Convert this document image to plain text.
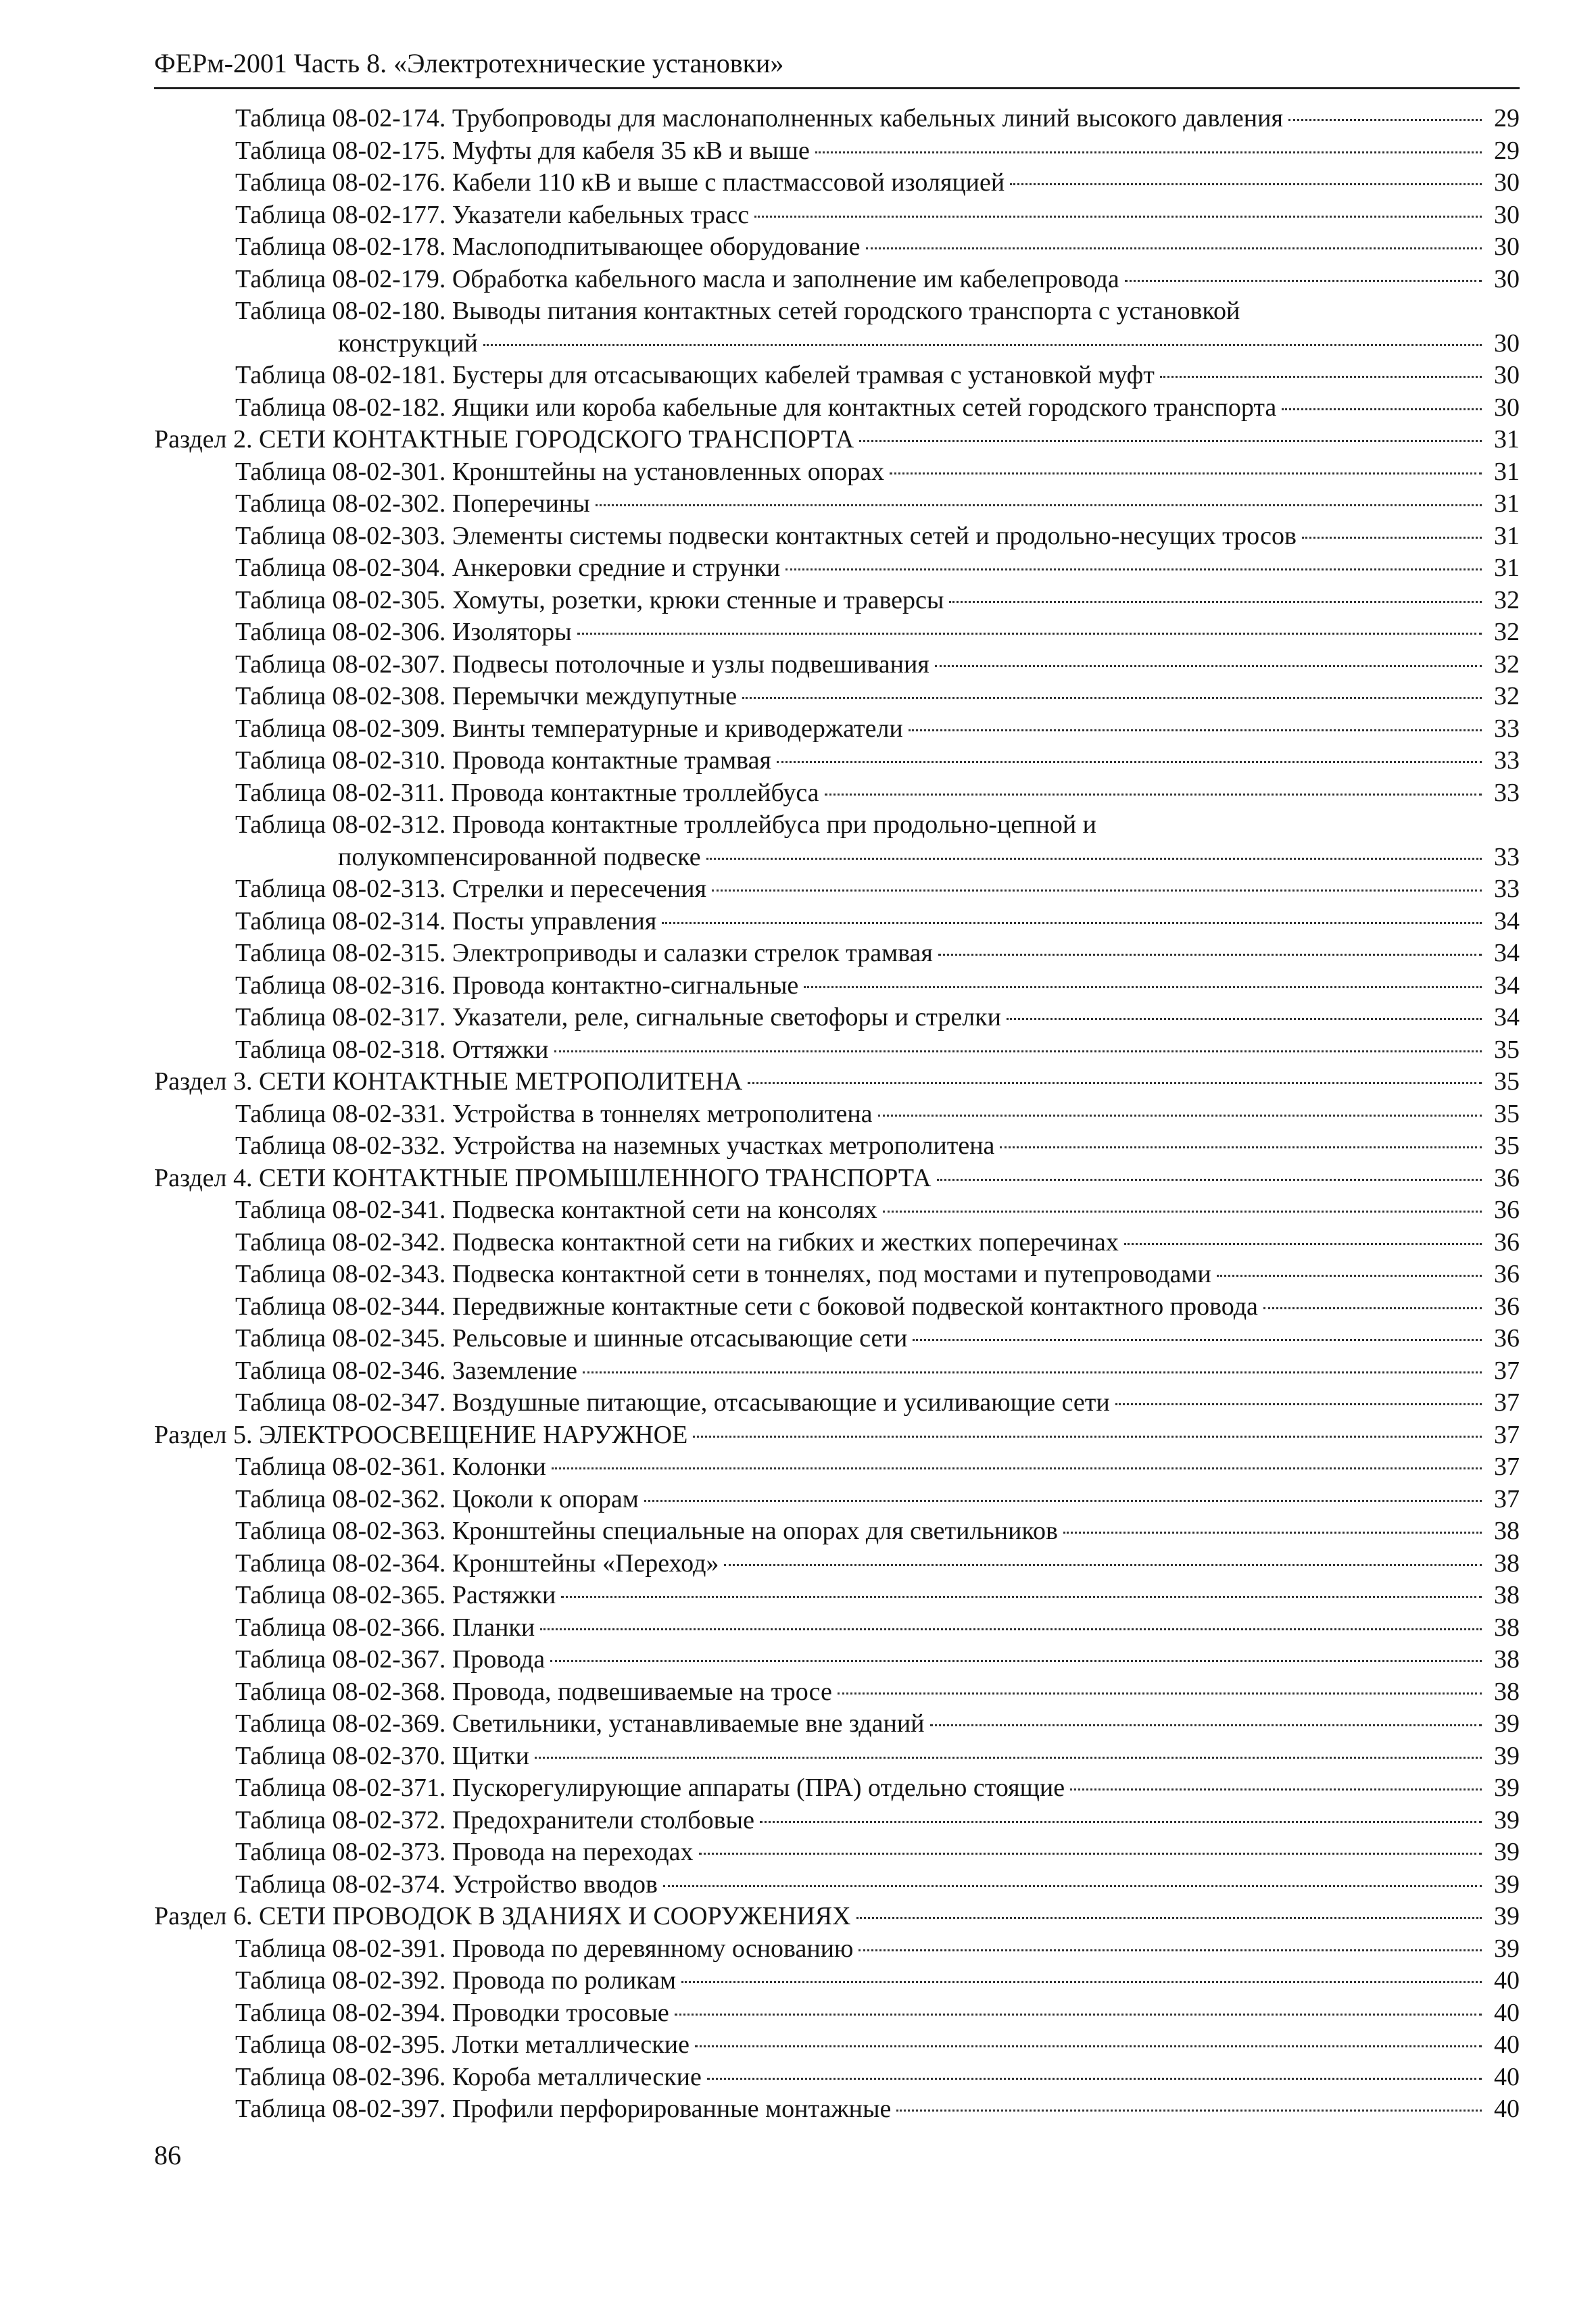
ФЕРм-2001 Часть 8. «Электротехнические установки»
Таблица 08-02-174. Трубопроводы для маслонаполненных кабельных линий высокого давления	29
Таблица 08-02-175. Муфты для кабеля 35 кВ и выше	29
Таблица 08-02-176. Кабели 110 кВ и выше с пластмассовой изоляцией	30
Таблица 08-02-177. Указатели кабельных трасс	30
Таблица 08-02-178. Маслоподпитывающее оборудование	30
Таблица 08-02-179. Обработка кабельного масла и заполнение им кабелепровода	30
Таблица 08-02-180. Выводы питания контактных сетей городского транспорта с установкой
конструкций	30
Таблица 08-02-181. Бустеры для отсасывающих кабелей трамвая с установкой муфт	30
Таблица 08-02-182. Ящики или короба кабельные для контактных сетей городского транспорта	30
Раздел 2. СЕТИ КОНТАКТНЫЕ ГОРОДСКОГО ТРАНСПОРТА	31
Таблица 08-02-301. Кронштейны на установленных опорах	31
Таблица 08-02-302. Поперечины	31
Таблица 08-02-303. Элементы системы подвески контактных сетей и продольно-несущих тросов	31
Таблица 08-02-304. Анкеровки средние и струнки	31
Таблица 08-02-305. Хомуты, розетки, крюки стенные и траверсы	32
Таблица 08-02-306. Изоляторы	32
Таблица 08-02-307. Подвесы потолочные и узлы подвешивания	32
Таблица 08-02-308. Перемычки междупутные	32
Таблица 08-02-309. Винты температурные и криводержатели	33
Таблица 08-02-310. Провода контактные трамвая	33
Таблица 08-02-311. Провода контактные троллейбуса	33
Таблица 08-02-312. Провода контактные троллейбуса при продольно-цепной и
полукомпенсированной подвеске	33
Таблица 08-02-313. Стрелки и пересечения	33
Таблица 08-02-314. Посты управления	34
Таблица 08-02-315. Электроприводы и салазки стрелок трамвая	34
Таблица 08-02-316. Провода контактно-сигнальные	34
Таблица 08-02-317. Указатели, реле, сигнальные светофоры и стрелки	34
Таблица 08-02-318. Оттяжки	35
Раздел 3. СЕТИ КОНТАКТНЫЕ МЕТРОПОЛИТЕНА	35
Таблица 08-02-331. Устройства в тоннелях метрополитена	35
Таблица 08-02-332. Устройства на наземных участках метрополитена	35
Раздел 4. СЕТИ КОНТАКТНЫЕ ПРОМЫШЛЕННОГО ТРАНСПОРТА	36
Таблица 08-02-341. Подвеска контактной сети на консолях	36
Таблица 08-02-342. Подвеска контактной сети на гибких и жестких поперечинах	36
Таблица 08-02-343. Подвеска контактной сети в тоннелях, под мостами и путепроводами	36
Таблица 08-02-344. Передвижные контактные сети с боковой подвеской контактного провода	36
Таблица 08-02-345. Рельсовые и шинные отсасывающие сети	36
Таблица 08-02-346. Заземление	37
Таблица 08-02-347. Воздушные питающие, отсасывающие и усиливающие сети	37
Раздел 5. ЭЛЕКТРООСВЕЩЕНИЕ НАРУЖНОЕ	37
Таблица 08-02-361. Колонки	37
Таблица 08-02-362. Цоколи к опорам	37
Таблица 08-02-363. Кронштейны специальные на опорах для светильников	38
Таблица 08-02-364. Кронштейны «Переход»	38
Таблица 08-02-365. Растяжки	38
Таблица 08-02-366. Планки	38
Таблица 08-02-367. Провода	38
Таблица 08-02-368. Провода, подвешиваемые на тросе	38
Таблица 08-02-369. Светильники, устанавливаемые вне зданий	39
Таблица 08-02-370. Щитки	39
Таблица 08-02-371. Пускорегулирующие аппараты (ПРА) отдельно стоящие	39
Таблица 08-02-372. Предохранители столбовые	39
Таблица 08-02-373. Провода на переходах	39
Таблица 08-02-374. Устройство вводов	39
Раздел 6. СЕТИ ПРОВОДОК В ЗДАНИЯХ И СООРУЖЕНИЯХ	39
Таблица 08-02-391. Провода по деревянному основанию	39
Таблица 08-02-392. Провода по роликам	40
Таблица 08-02-394. Проводки тросовые	40
Таблица 08-02-395. Лотки металлические	40
Таблица 08-02-396. Короба металлические	40
Таблица 08-02-397. Профили перфорированные монтажные	40
86
